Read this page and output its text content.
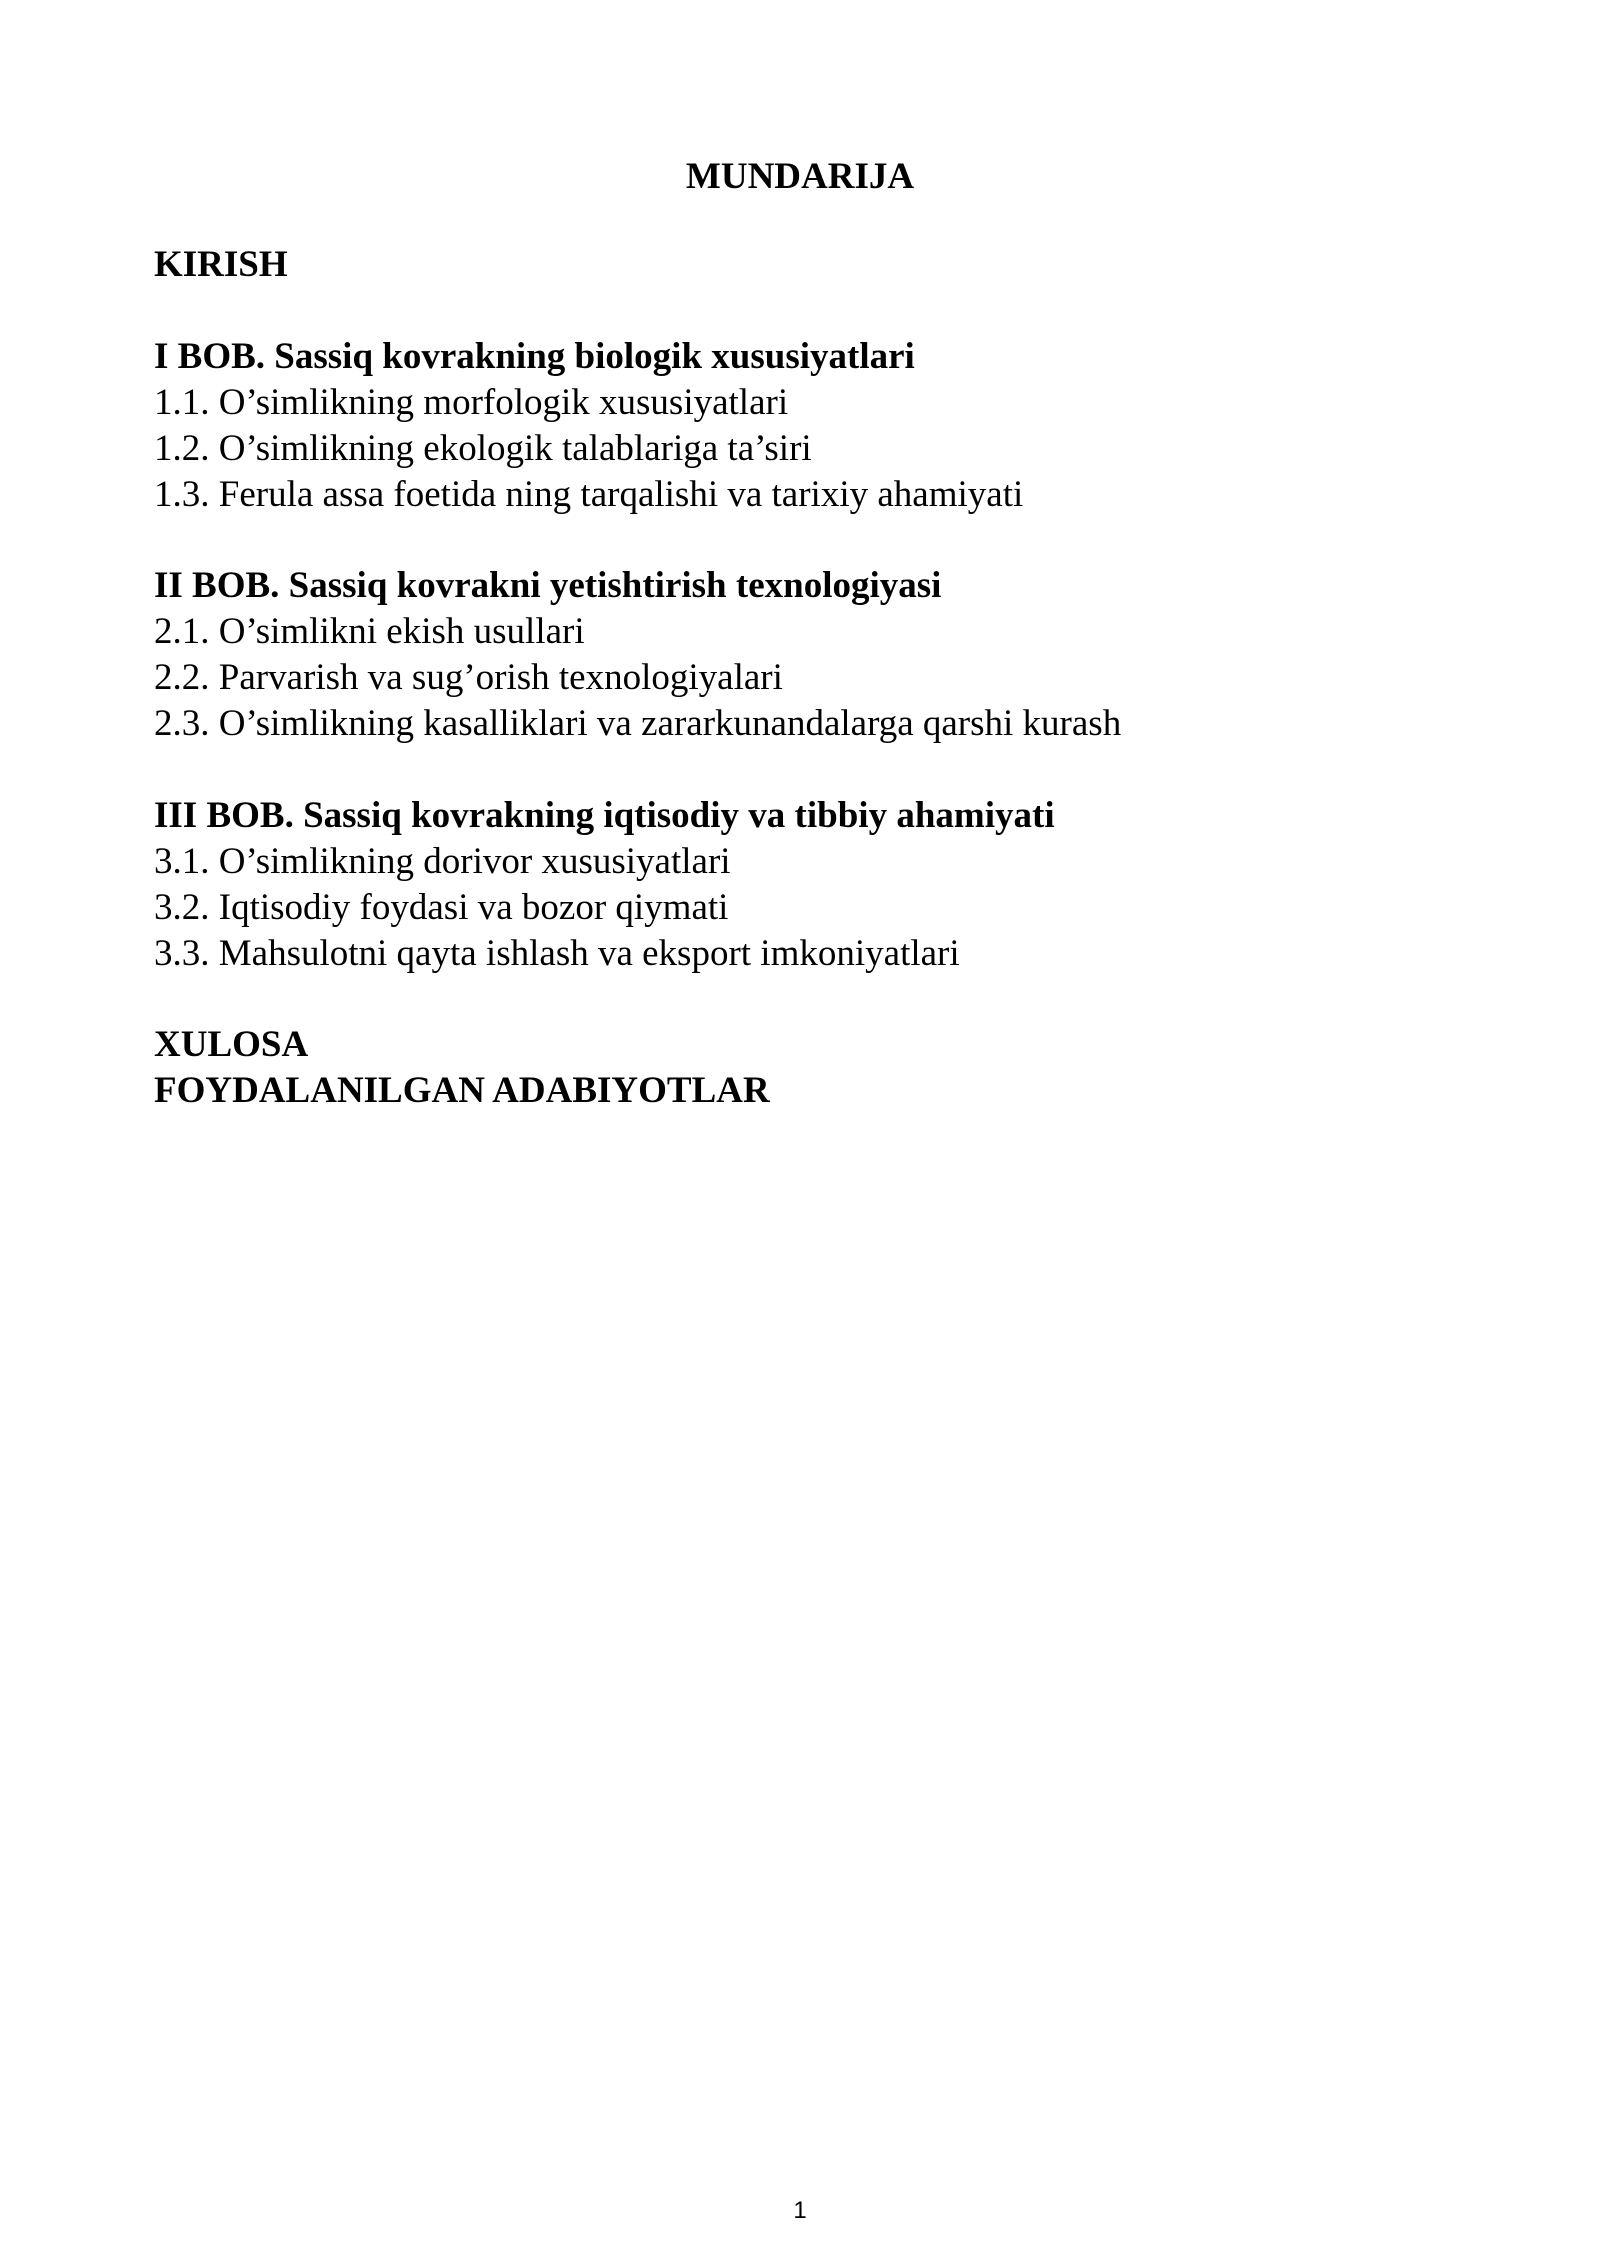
MUNDARIJA
KIRISH
I BOB. Sassiq kovrakning biologik xususiyatlari
1.1. O’simlikning morfologik xususiyatlari
1.2. O’simlikning ekologik talablariga ta’siri
1.3. Ferula assa foetida ning tarqalishi va tarixiy ahamiyati
II BOB. Sassiq kovrakni yetishtirish texnologiyasi
2.1. O’simlikni ekish usullari
2.2. Parvarish va sug’orish texnologiyalari
2.3. O’simlikning kasalliklari va zararkunandalarga qarshi kurash
III BOB. Sassiq kovrakning iqtisodiy va tibbiy ahamiyati
3.1. O’simlikning dorivor xususiyatlari
3.2. Iqtisodiy foydasi va bozor qiymati
3.3. Mahsulotni qayta ishlash va eksport imkoniyatlari
XULOSA
FOYDALANILGAN ADABIYOTLAR
1
